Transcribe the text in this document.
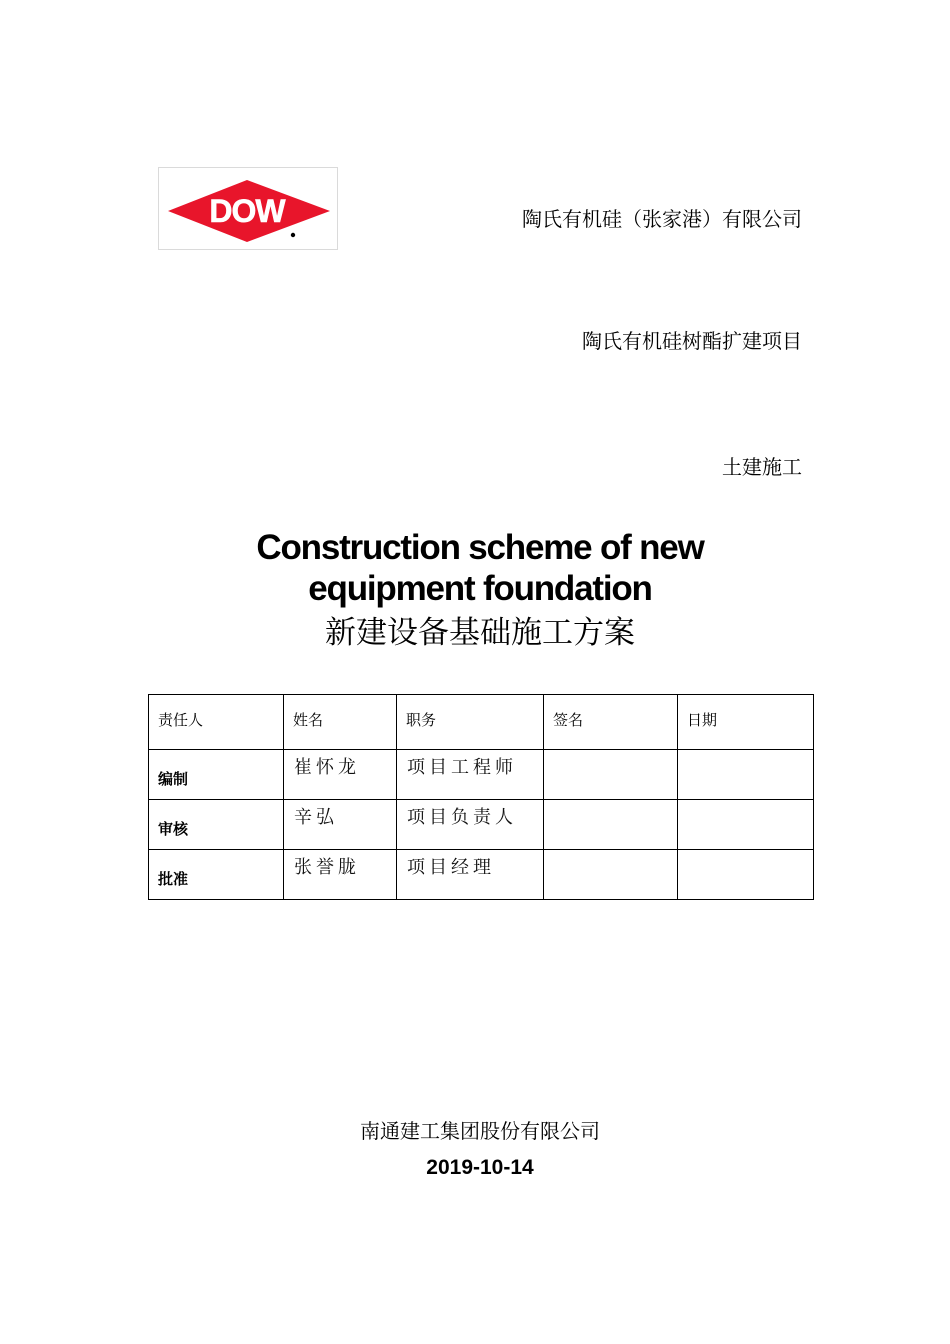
DOW	陶氏有机硅（张家港）有限公司
陶氏有机硅树酯扩建项目
土建施工
Construction scheme of new
equipment foundation
新建设备基础施工方案
责任人	姓名	职务	签名	日期
编制	崔怀龙	项目工程师		
审核	辛弘	项目负责人		
批准	张誉胧	项目经理		
南通建工集团股份有限公司
2019-10-14
